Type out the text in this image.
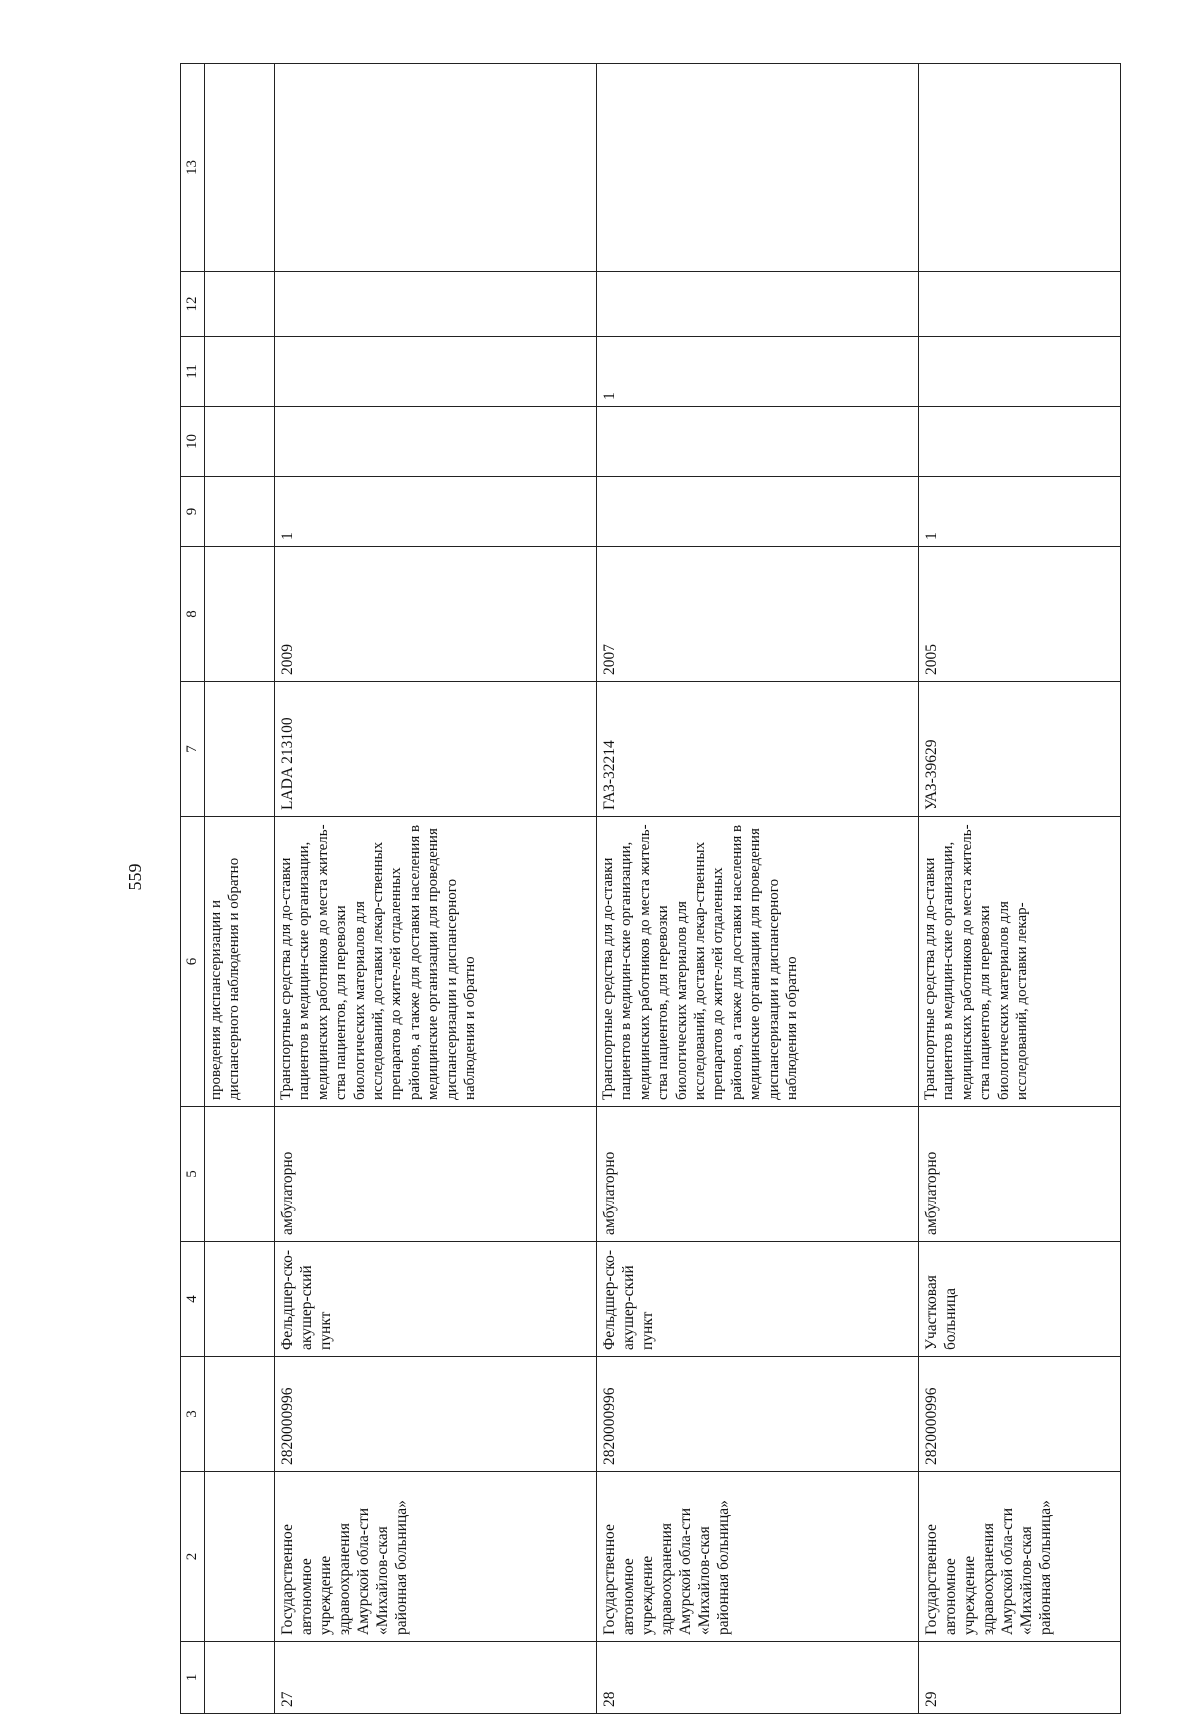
559
1	2	3	4	5	6	7	8	9	10	11	12	13
					проведения диспансеризации и диспансерного наблюдения и обратно							
27	Государственное автономное учреждение здравоохранения Амурской обла-сти «Михайлов-ская районная больница»	2820000996	Фельдшер-ско-акушер-ский пункт	амбулаторно	Транспортные средства для до-ставки пациентов в медицин-ские организации, медицинских работников до места житель-ства пациентов, для перевозки биологических материалов для исследований, доставки лекар-ственных препаратов до жите-лей отдаленных районов, а также для доставки населения в медицинские организации для проведения диспансеризации и диспансерного наблюдения и обратно	LADA 213100	2009	1				
28	Государственное автономное учреждение здравоохранения Амурской обла-сти «Михайлов-ская районная больница»	2820000996	Фельдшер-ско-акушер-ский пункт	амбулаторно	Транспортные средства для до-ставки пациентов в медицин-ские организации, медицинских работников до места житель-ства пациентов, для перевозки биологических материалов для исследований, доставки лекар-ственных препаратов до жите-лей отдаленных районов, а также для доставки населения в медицинские организации для проведения диспансеризации и диспансерного наблюдения и обратно	ГАЗ-32214	2007			1		
29	Государственное автономное учреждение здравоохранения Амурской обла-сти «Михайлов-ская районная больница»	2820000996	Участковая больница	амбулаторно	Транспортные средства для до-ставки пациентов в медицин-ские организации, медицинских работников до места житель-ства пациентов, для перевозки биологических материалов для исследований, доставки лекар-	УАЗ-39629	2005	1				
